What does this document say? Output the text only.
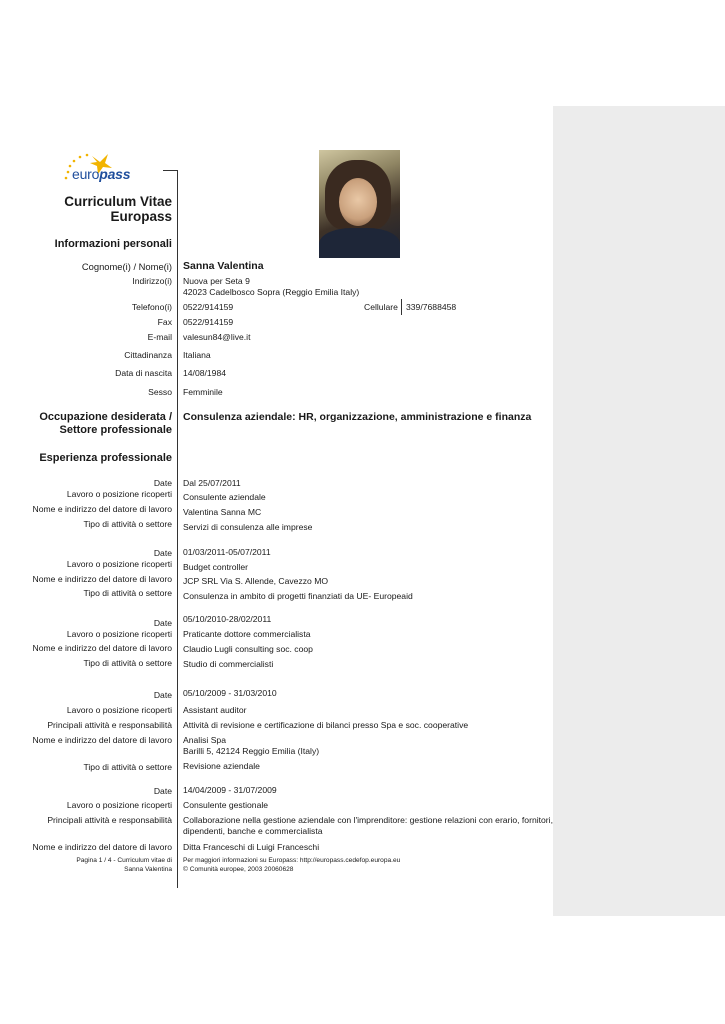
europass
Curriculum Vitae
Europass
Informazioni personali
Cognome(i) / Nome(i) Sanna Valentina
Indirizzo(i) Nuova per Seta 9
42023 Cadelbosco Sopra (Reggio Emilia Italy)
Telefono(i) 0522/914159	Cellulare 339/7688458
Fax 0522/914159
E-mail valesun84@live.it
Cittadinanza Italiana
Data di nascita 14/08/1984
Sesso Femminile
Occupazione desiderata /
Settore professionale
Consulenza aziendale: HR, organizzazione, amministrazione e finanza
Esperienza professionale
Date Dal 25/07/2011
Lavoro o posizione ricoperti Consulente aziendale
Nome e indirizzo del datore di lavoro Valentina Sanna MC
Tipo di attività o settore Servizi di consulenza alle imprese
Date 01/03/2011-05/07/2011
Lavoro o posizione ricoperti Budget controller
Nome e indirizzo del datore di lavoro JCP SRL Via S. Allende, Cavezzo MO
Tipo di attività o settore Consulenza in ambito di progetti finanziati da UE- Europeaid
Date 05/10/2010-28/02/2011
Lavoro o posizione ricoperti Praticante dottore commercialista
Nome e indirizzo del datore di lavoro Claudio Lugli consulting soc. coop
Tipo di attività o settore Studio di commercialisti
Date 05/10/2009 - 31/03/2010
Lavoro o posizione ricoperti Assistant auditor
Principali attività e responsabilità Attività di revisione e certificazione di bilanci presso Spa e soc. cooperative
Nome e indirizzo del datore di lavoro Analisi Spa
Barilli 5, 42124 Reggio Emilia (Italy)
Tipo di attività o settore Revisione aziendale
Date 14/04/2009 - 31/07/2009
Lavoro o posizione ricoperti Consulente gestionale
Principali attività e responsabilità Collaborazione nella gestione aziendale con l'imprenditore: gestione relazioni con erario, fornitori,
dipendenti, banche e commercialista
Nome e indirizzo del datore di lavoro Ditta Franceschi di Luigi Franceschi
Pagina 1 / 4 - Curriculum vitae di
Sanna Valentina
Per maggiori informazioni su Europass: http://europass.cedefop.europa.eu
© Comunità europee, 2003 20060628
